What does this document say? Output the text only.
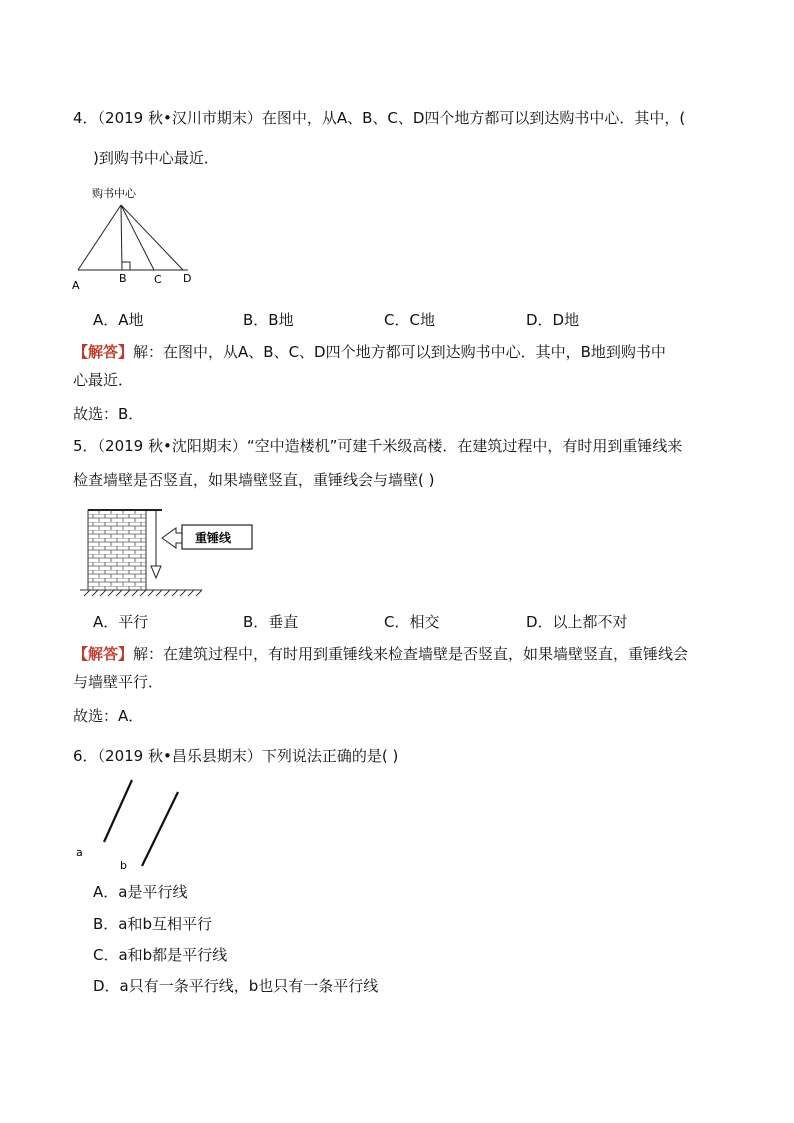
4．（2019 秋•汉川市期末）在图中，从A、B、C、D四个地方都可以到达购书中心．其中，(
)到购书中心最近．
购书中心
A
B C D
A．A地	B．B地	C．C地	D．D地
【解答】解：在图中，从A、B、C、D四个地方都可以到达购书中心．其中，B地到购书中
心最近．
故选：B．
5．（2019 秋•沈阳期末）“空中造楼机”可建千米级高楼．在建筑过程中，有时用到重锤线来
检查墙壁是否竖直，如果墙壁竖直，重锤线会与墙壁( )
重锤线
A．平行	B．垂直	C．相交	D．以上都不对
【解答】解：在建筑过程中，有时用到重锤线来检查墙壁是否竖直，如果墙壁竖直，重锤线会
与墙壁平行．
故选：A．
6．（2019 秋•昌乐县期末）下列说法正确的是( )
a
b
A．a是平行线
B．a和b互相平行
C．a和b都是平行线
D．a只有一条平行线，b也只有一条平行线
